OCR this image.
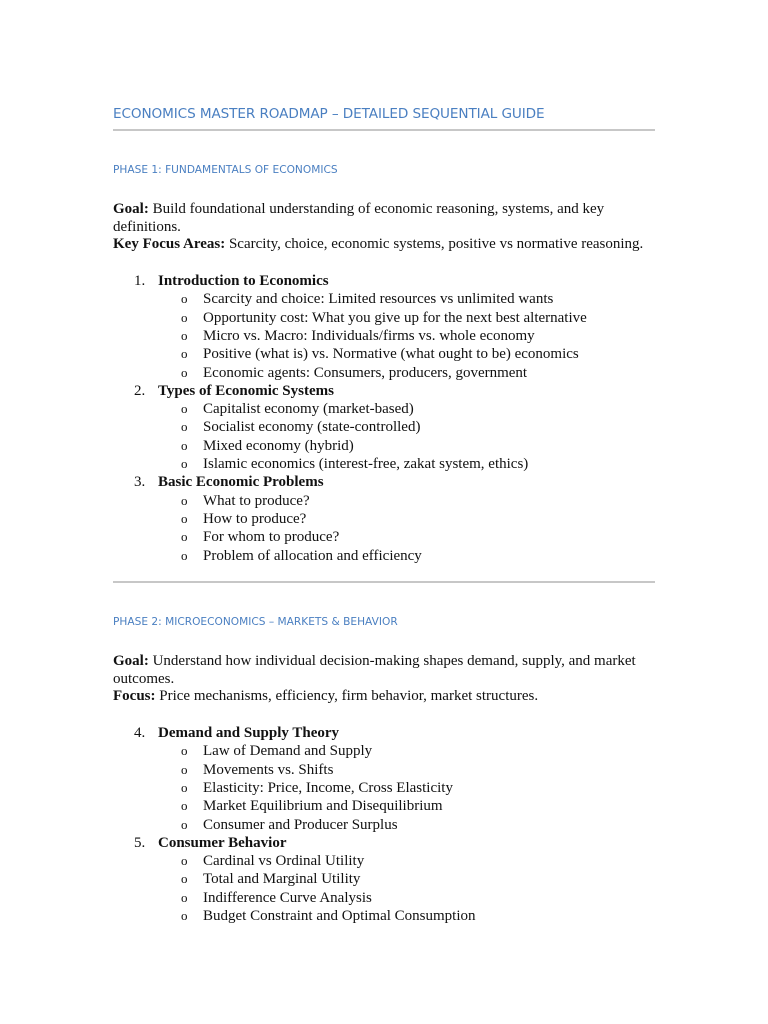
ECONOMICS MASTER ROADMAP – DETAILED SEQUENTIAL GUIDE
PHASE 1: FUNDAMENTALS OF ECONOMICS
Goal: Build foundational understanding of economic reasoning, systems, and key definitions.
Key Focus Areas: Scarcity, choice, economic systems, positive vs normative reasoning.
1. Introduction to Economics
o Scarcity and choice: Limited resources vs unlimited wants
o Opportunity cost: What you give up for the next best alternative
o Micro vs. Macro: Individuals/firms vs. whole economy
o Positive (what is) vs. Normative (what ought to be) economics
o Economic agents: Consumers, producers, government
2. Types of Economic Systems
o Capitalist economy (market-based)
o Socialist economy (state-controlled)
o Mixed economy (hybrid)
o Islamic economics (interest-free, zakat system, ethics)
3. Basic Economic Problems
o What to produce?
o How to produce?
o For whom to produce?
o Problem of allocation and efficiency
PHASE 2: MICROECONOMICS – MARKETS & BEHAVIOR
Goal: Understand how individual decision-making shapes demand, supply, and market outcomes.
Focus: Price mechanisms, efficiency, firm behavior, market structures.
4. Demand and Supply Theory
o Law of Demand and Supply
o Movements vs. Shifts
o Elasticity: Price, Income, Cross Elasticity
o Market Equilibrium and Disequilibrium
o Consumer and Producer Surplus
5. Consumer Behavior
o Cardinal vs Ordinal Utility
o Total and Marginal Utility
o Indifference Curve Analysis
o Budget Constraint and Optimal Consumption
